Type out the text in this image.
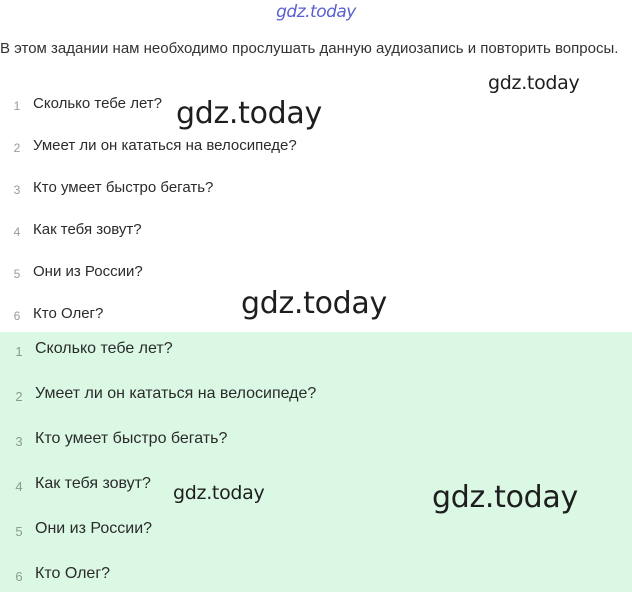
gdz.today
В этом задании нам необходимо прослушать данную аудиозапись и повторить вопросы.
1 Сколько тебе лет?
2 Умеет ли он кататься на велосипеде?
3 Кто умеет быстро бегать?
4 Как тебя зовут?
5 Они из России?
6 Кто Олег?
1 Сколько тебе лет?
2 Умеет ли он кататься на велосипеде?
3 Кто умеет быстро бегать?
4 Как тебя зовут?
5 Они из России?
6 Кто Олег?
gdz.today
gdz.today
gdz.today
gdz.today	gdz.today
